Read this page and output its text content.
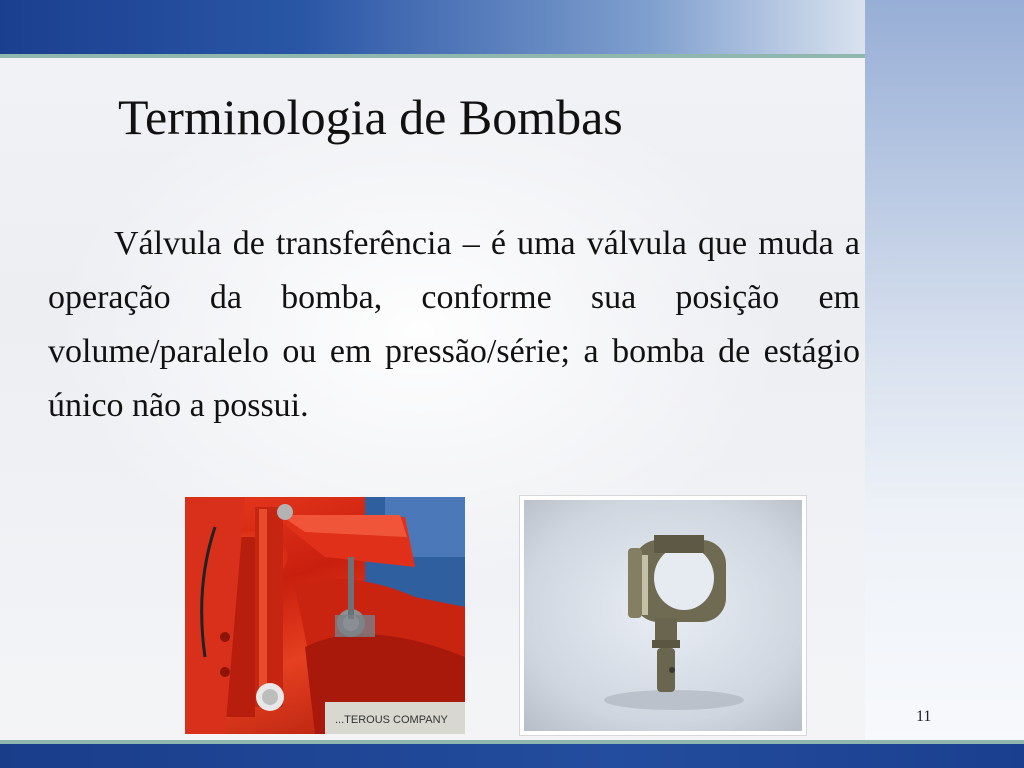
Terminologia de Bombas

Válvula de transferência – é uma válvula que muda a operação da bomba, conforme sua posição em volume/paralelo ou em pressão/série; a bomba de estágio único não a possui.

...TEROUS COMPANY	11
